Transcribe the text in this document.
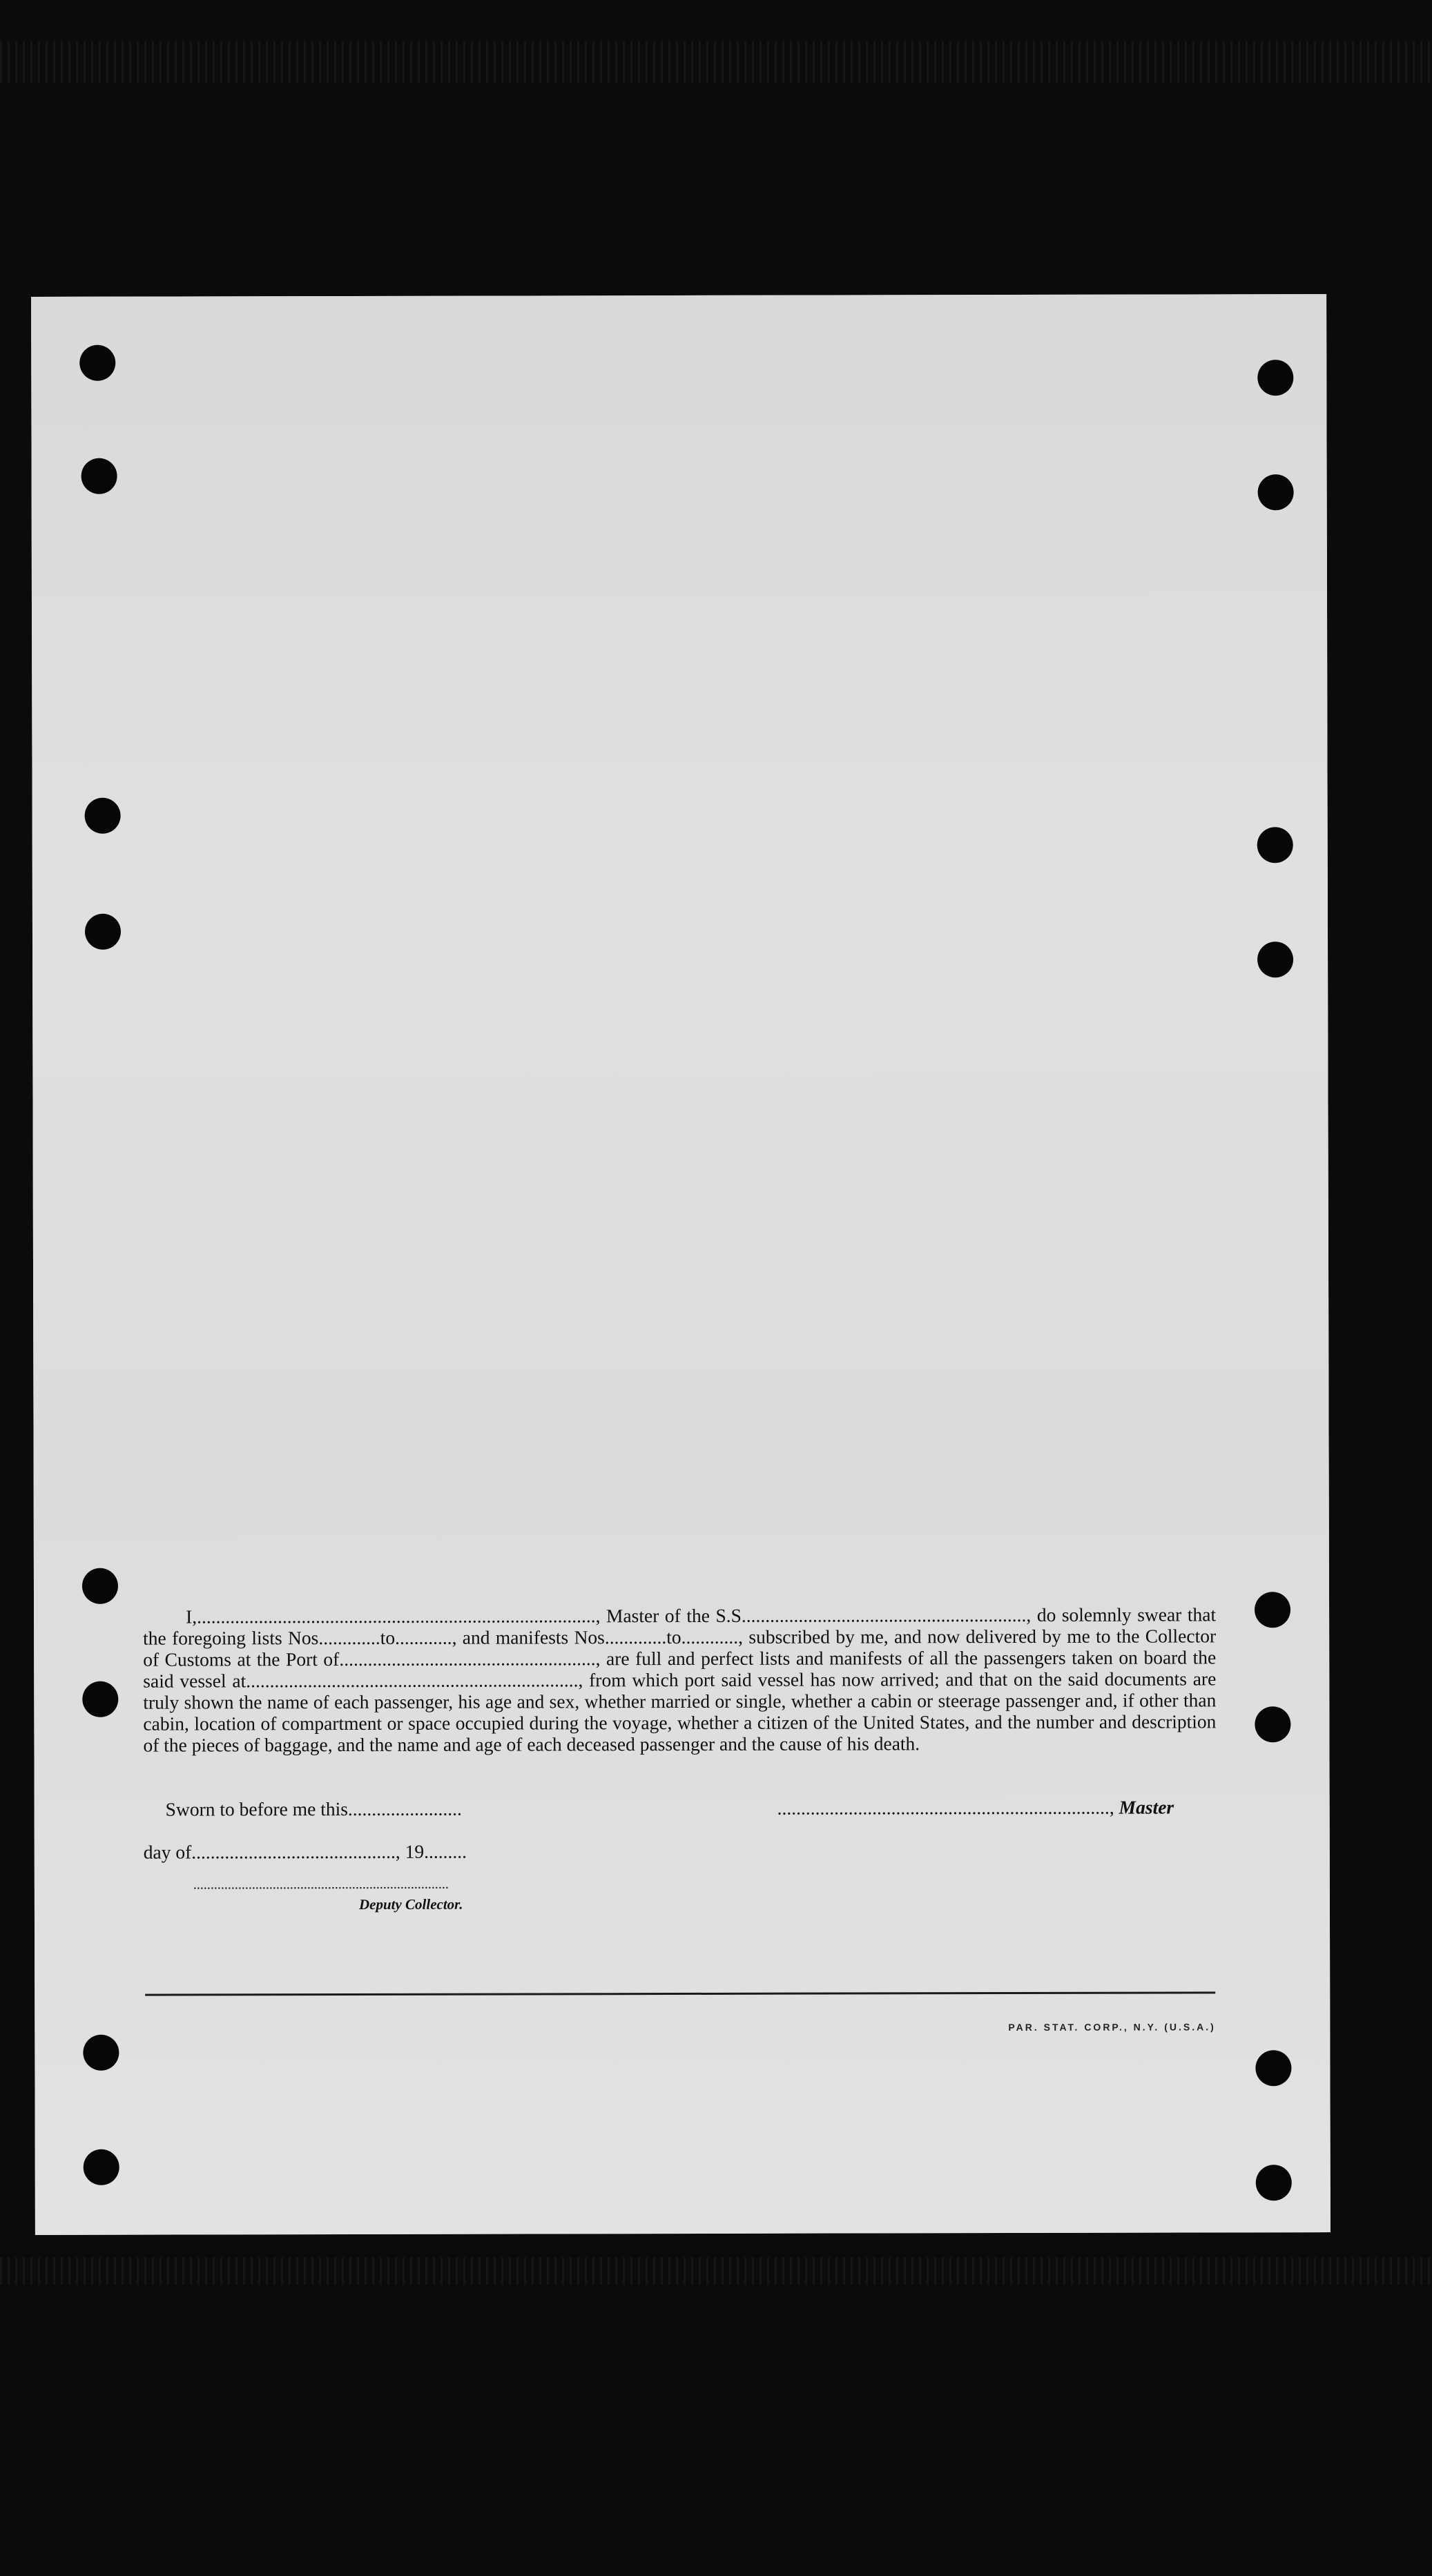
I,...................................................................................., Master of the S.S............................................................, do solemnly swear that the foregoing lists Nos.............to............, and manifests Nos.............to............, subscribed by me, and now delivered by me to the Collector of Customs at the Port of......................................................, are full and perfect lists and manifests of all the passengers taken on board the said vessel at......................................................................, from which port said vessel has now arrived; and that on the said documents are truly shown the name of each passenger, his age and sex, whether married or single, whether a cabin or steerage passenger and, if other than cabin, location of compartment or space occupied during the voyage, whether a citizen of the United States, and the number and description of the pieces of baggage, and the name and age of each deceased passenger and the cause of his death.
Sworn to before me this........................	......................................................................, Master
day of..........................................., 19.........
..........................................................................
Deputy Collector.
PAR. STAT. CORP., N.Y. (U.S.A.)
